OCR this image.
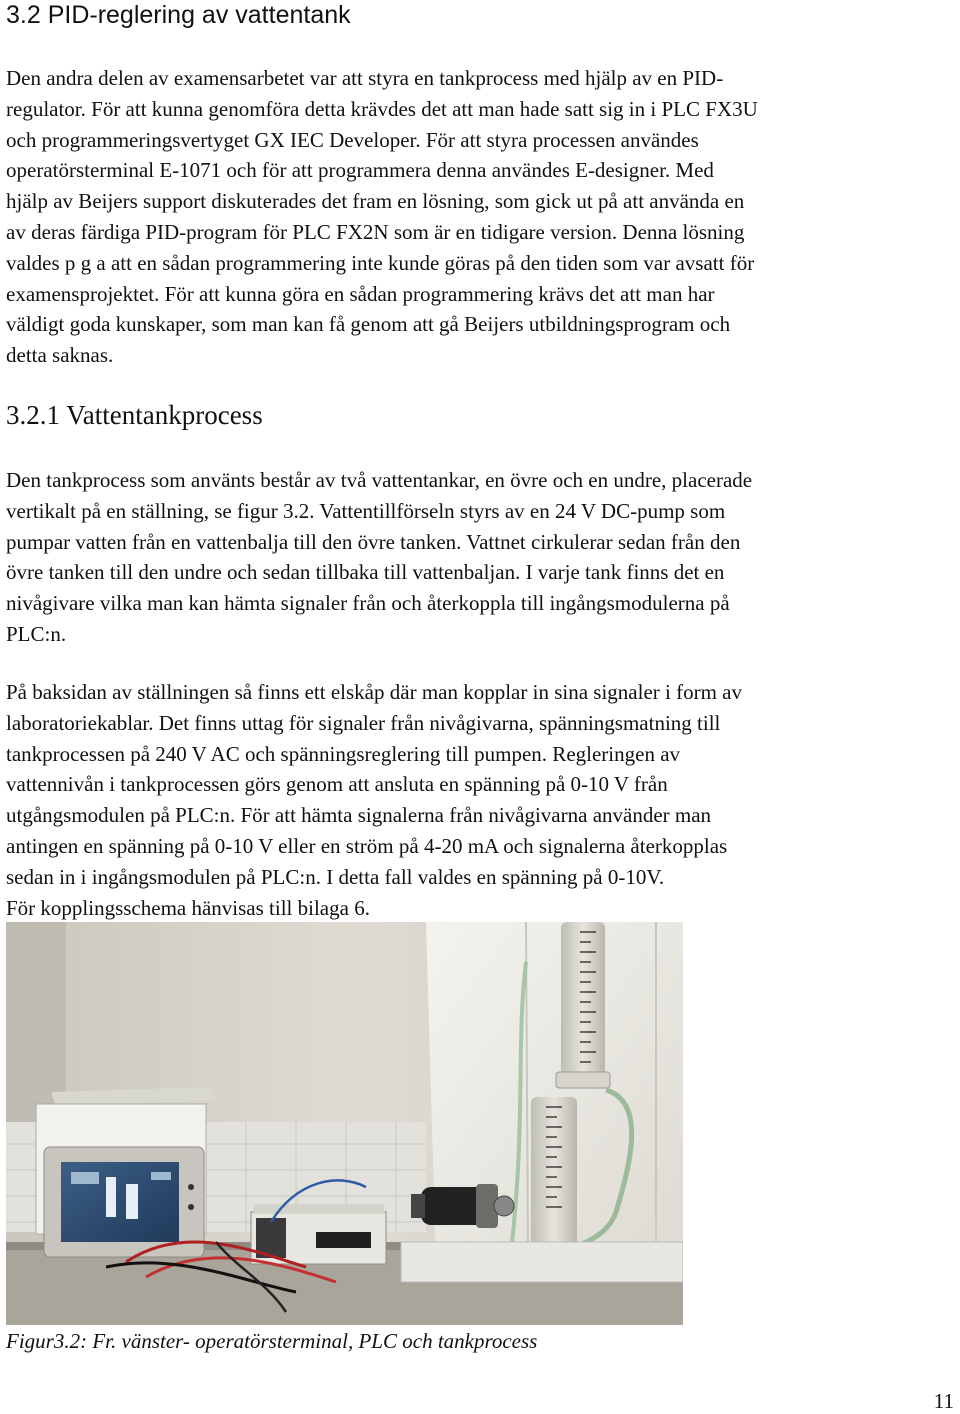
3.2 PID-reglering av vattentank
Den andra delen av examensarbetet var att styra en tankprocess med hjälp av en PID-
regulator. För att kunna genomföra detta krävdes det att man hade satt sig in i PLC FX3U
och programmeringsvertyget GX IEC Developer. För att styra processen användes
operatörsterminal E-1071 och för att programmera denna användes E-designer. Med
hjälp av Beijers support diskuterades det fram en lösning, som gick ut på att använda en
av deras färdiga PID-program för PLC FX2N som är en tidigare version. Denna lösning
valdes p g a att en sådan programmering inte kunde göras på den tiden som var avsatt för
examensprojektet. För att kunna göra en sådan programmering krävs det att man har
väldigt goda kunskaper, som man kan få genom att gå Beijers utbildningsprogram och
detta saknas.
3.2.1 Vattentankprocess
Den tankprocess som använts består av två vattentankar, en övre och en undre, placerade
vertikalt på en ställning, se figur 3.2. Vattentillförseln styrs av en 24 V DC-pump som
pumpar vatten från en vattenbalja till den övre tanken. Vattnet cirkulerar sedan från den
övre tanken till den undre och sedan tillbaka till vattenbaljan. I varje tank finns det en
nivågivare vilka man kan hämta signaler från och återkoppla till ingångsmodulerna på
PLC:n.
På baksidan av ställningen så finns ett elskåp där man kopplar in sina signaler i form av
laboratoriekablar. Det finns uttag för signaler från nivågivarna, spänningsmatning till
tankprocessen på 240 V AC och spänningsreglering till pumpen. Regleringen av
vattennivån i tankprocessen görs genom att ansluta en spänning på 0-10 V från
utgångsmodulen på PLC:n. För att hämta signalerna från nivågivarna använder man
antingen en spänning på 0-10 V eller en ström på 4-20 mA och signalerna återkopplas
sedan in i ingångsmodulen på PLC:n. I detta fall valdes en spänning på 0-10V.
För kopplingsschema hänvisas till bilaga 6.
Figur3.2: Fr. vänster- operatörsterminal, PLC och tankprocess
11
